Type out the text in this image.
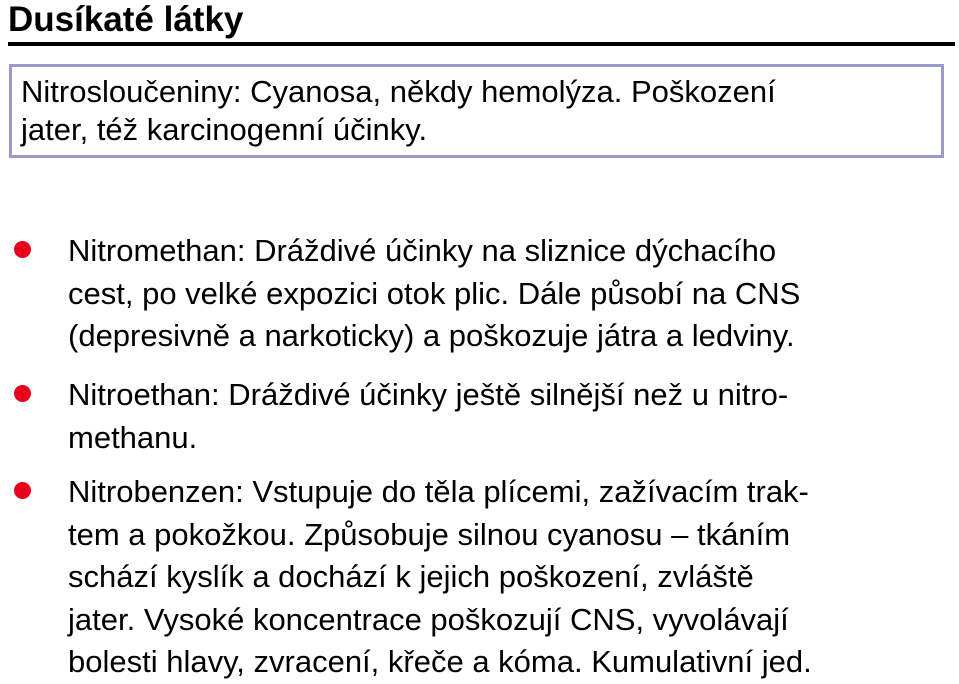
Dusíkaté látky

Nitrosloučeniny: Cyanosa, někdy hemolýza. Poškození
jater, též karcinogenní účinky.

Nitromethan: Dráždivé účinky na sliznice dýchacího
cest, po velké expozici otok plic. Dále působí na CNS
(depresivně a narkoticky) a poškozuje játra a ledviny.

Nitroethan: Dráždivé účinky ještě silnější než u nitro-
methanu.

Nitrobenzen: Vstupuje do těla plícemi, zažívacím trak-
tem a pokožkou. Způsobuje silnou cyanosu – tkáním
schází kyslík a dochází k jejich poškození, zvláště
jater. Vysoké koncentrace poškozují CNS, vyvolávají
bolesti hlavy, zvracení, křeče a kóma. Kumulativní jed.
